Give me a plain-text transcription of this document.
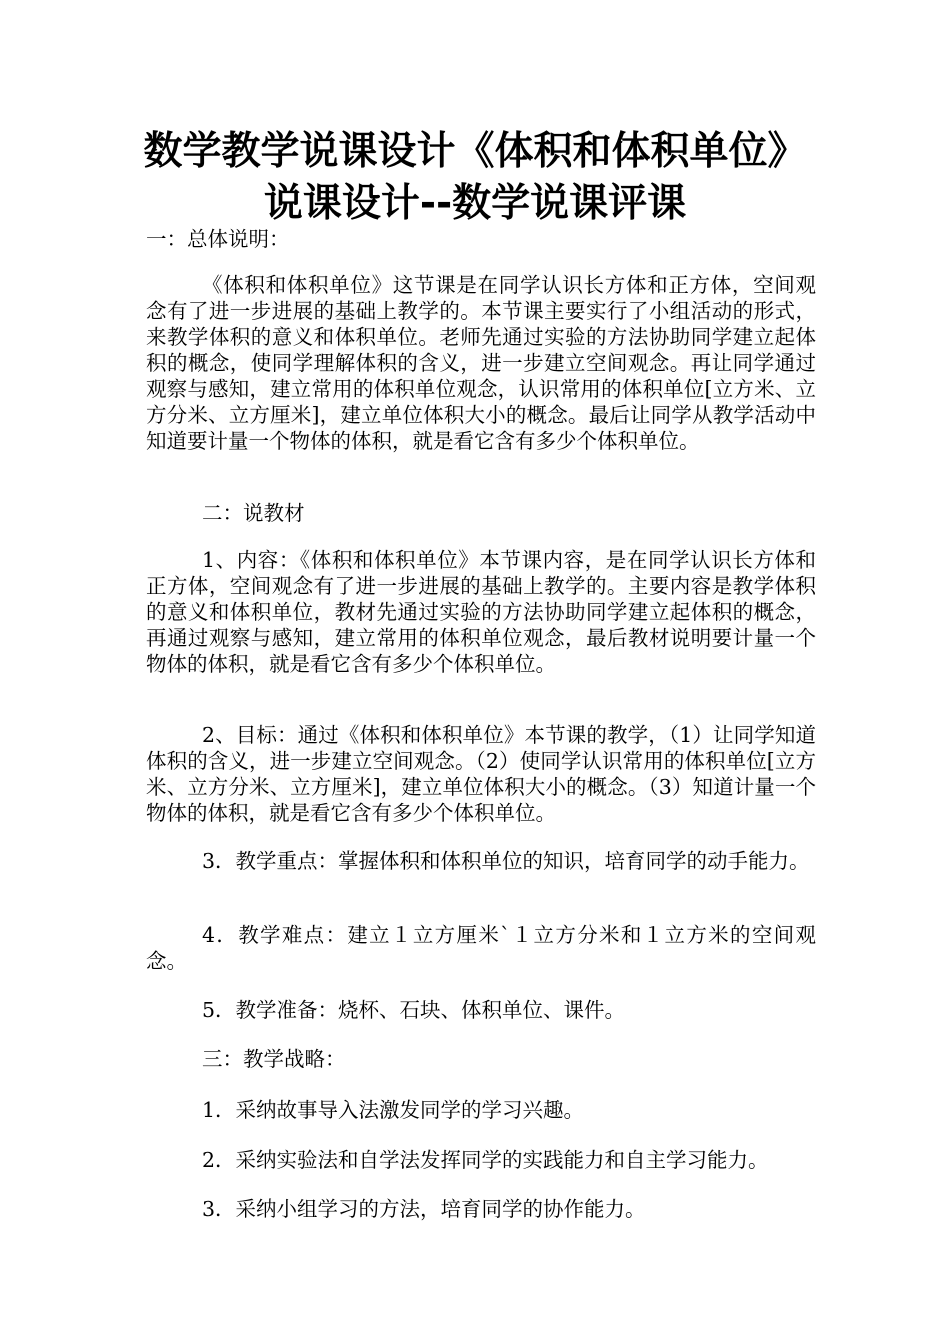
数学教学说课设计《体积和体积单位》
说课设计--数学说课评课
一：总体说明：
《体积和体积单位》这节课是在同学认识长方体和正方体，空间观念有了进一步进展的基础上教学的。本节课主要实行了小组活动的形式，来教学体积的意义和体积单位。老师先通过实验的方法协助同学建立起体积的概念，使同学理解体积的含义，进一步建立空间观念。再让同学通过观察与感知，建立常用的体积单位观念，认识常用的体积单位[立方米、立方分米、立方厘米]，建立单位体积大小的概念。最后让同学从教学活动中知道要计量一个物体的体积，就是看它含有多少个体积单位。
二：说教材
1、内容：《体积和体积单位》本节课内容，是在同学认识长方体和正方体，空间观念有了进一步进展的基础上教学的。主要内容是教学体积的意义和体积单位，教材先通过实验的方法协助同学建立起体积的概念，再通过观察与感知，建立常用的体积单位观念，最后教材说明要计量一个物体的体积，就是看它含有多少个体积单位。
2、目标：通过《体积和体积单位》本节课的教学，（1）让同学知道体积的含义，进一步建立空间观念。（2）使同学认识常用的体积单位[立方米、立方分米、立方厘米]，建立单位体积大小的概念。（3）知道计量一个物体的体积，就是看它含有多少个体积单位。
3．教学重点：掌握体积和体积单位的知识，培育同学的动手能力。
4．教学难点：建立１立方厘米`１立方分米和１立方米的空间观念。
5．教学准备：烧杯、石块、体积单位、课件。
三：教学战略：
1．采纳故事导入法激发同学的学习兴趣。
2．采纳实验法和自学法发挥同学的实践能力和自主学习能力。
3．采纳小组学习的方法，培育同学的协作能力。
